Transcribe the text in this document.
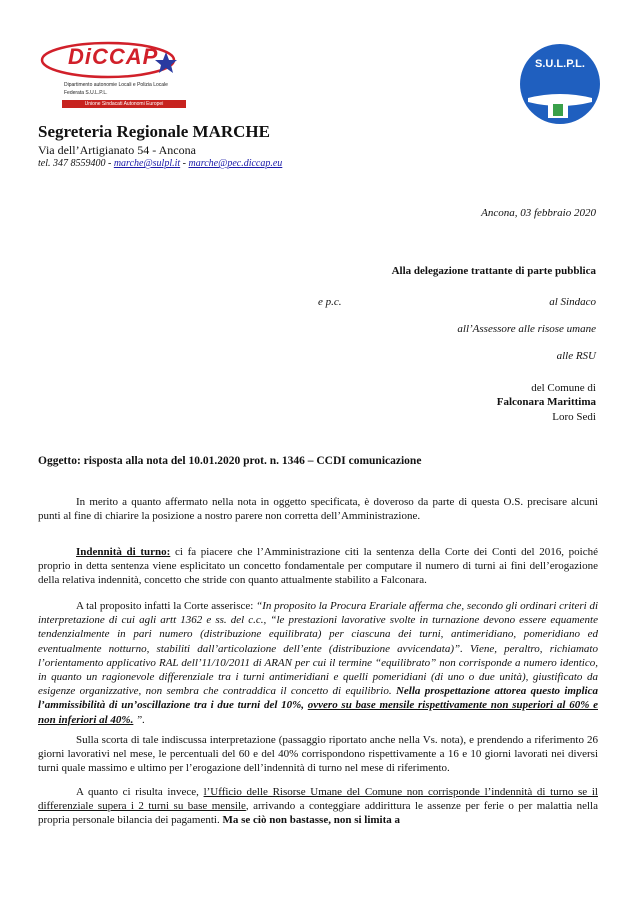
DiCCAP
Dipartimento autonomie Locali e Polizia Locale
Federata S.U.L.P.L.
Unione Sindacati Autonomi Europei
S.U.L.P.L.
Segreteria Regionale MARCHE
Via dell’Artigianato 54 - Ancona
tel. 347 8559400 - marche@sulpl.it - marche@pec.diccap.eu
Ancona, 03 febbraio 2020
Alla delegazione trattante di parte pubblica
e p.c.	al Sindaco
all’Assessore alle risose umane
alle RSU
del Comune di
Falconara Marittima
Loro Sedi
Oggetto: risposta alla nota del 10.01.2020 prot. n. 1346 – CCDI comunicazione
In merito a quanto affermato nella nota in oggetto specificata, è doveroso da parte di questa O.S. precisare alcuni punti al fine di chiarire la posizione a nostro parere non corretta dell’Amministrazione.
Indennità di turno: ci fa piacere che l’Amministrazione citi la sentenza della Corte dei Conti del 2016, poiché proprio in detta sentenza viene esplicitato un concetto fondamentale per computare il numero di turni ai fini dell’erogazione della relativa indennità, concetto che stride con quanto attualmente stabilito a Falconara.
A tal proposito infatti la Corte asserisce: “In proposito la Procura Erariale afferma che, secondo gli ordinari criteri di interpretazione di cui agli artt 1362 e ss. del c.c., “le prestazioni lavorative svolte in turnazione devono essere equamente tendenzialmente in pari numero (distribuzione equilibrata) per ciascuna dei turni, antimeridiano, pomeridiano ed eventualmente notturno, stabiliti dall’articolazione dell’ente (distribuzione avvicendata)”. Viene, peraltro, richiamato l’orientamento applicativo RAL dell’11/10/2011 di ARAN per cui il termine “equilibrato” non corrisponde a numero identico, in quanto un ragionevole differenziale tra i turni antimeridiani e quelli pomeridiani (di uno o due unità), giustificato da esigenze organizzative, non sembra che contraddica il concetto di equilibrio. Nella prospettazione attorea questo implica l’ammissibilità di un’oscillazione tra i due turni del 10%, ovvero su base mensile rispettivamente non superiori al 60% e non inferiori al 40%. ”.
Sulla scorta di tale indiscussa interpretazione (passaggio riportato anche nella Vs. nota), e prendendo a riferimento 26 giorni lavorativi nel mese, le percentuali del 60 e del 40% corrispondono rispettivamente a 16 e 10 giorni lavorati nei diversi turni quale massimo e ultimo per l’erogazione dell’indennità di turno nel mese di riferimento.
A quanto ci risulta invece, l’Ufficio delle Risorse Umane del Comune non corrisponde l’indennità di turno se il differenziale supera i 2 turni su base mensile, arrivando a conteggiare addirittura le assenze per ferie o per malattia nella propria personale bilancia dei pagamenti. Ma se ciò non bastasse, non si limita a
